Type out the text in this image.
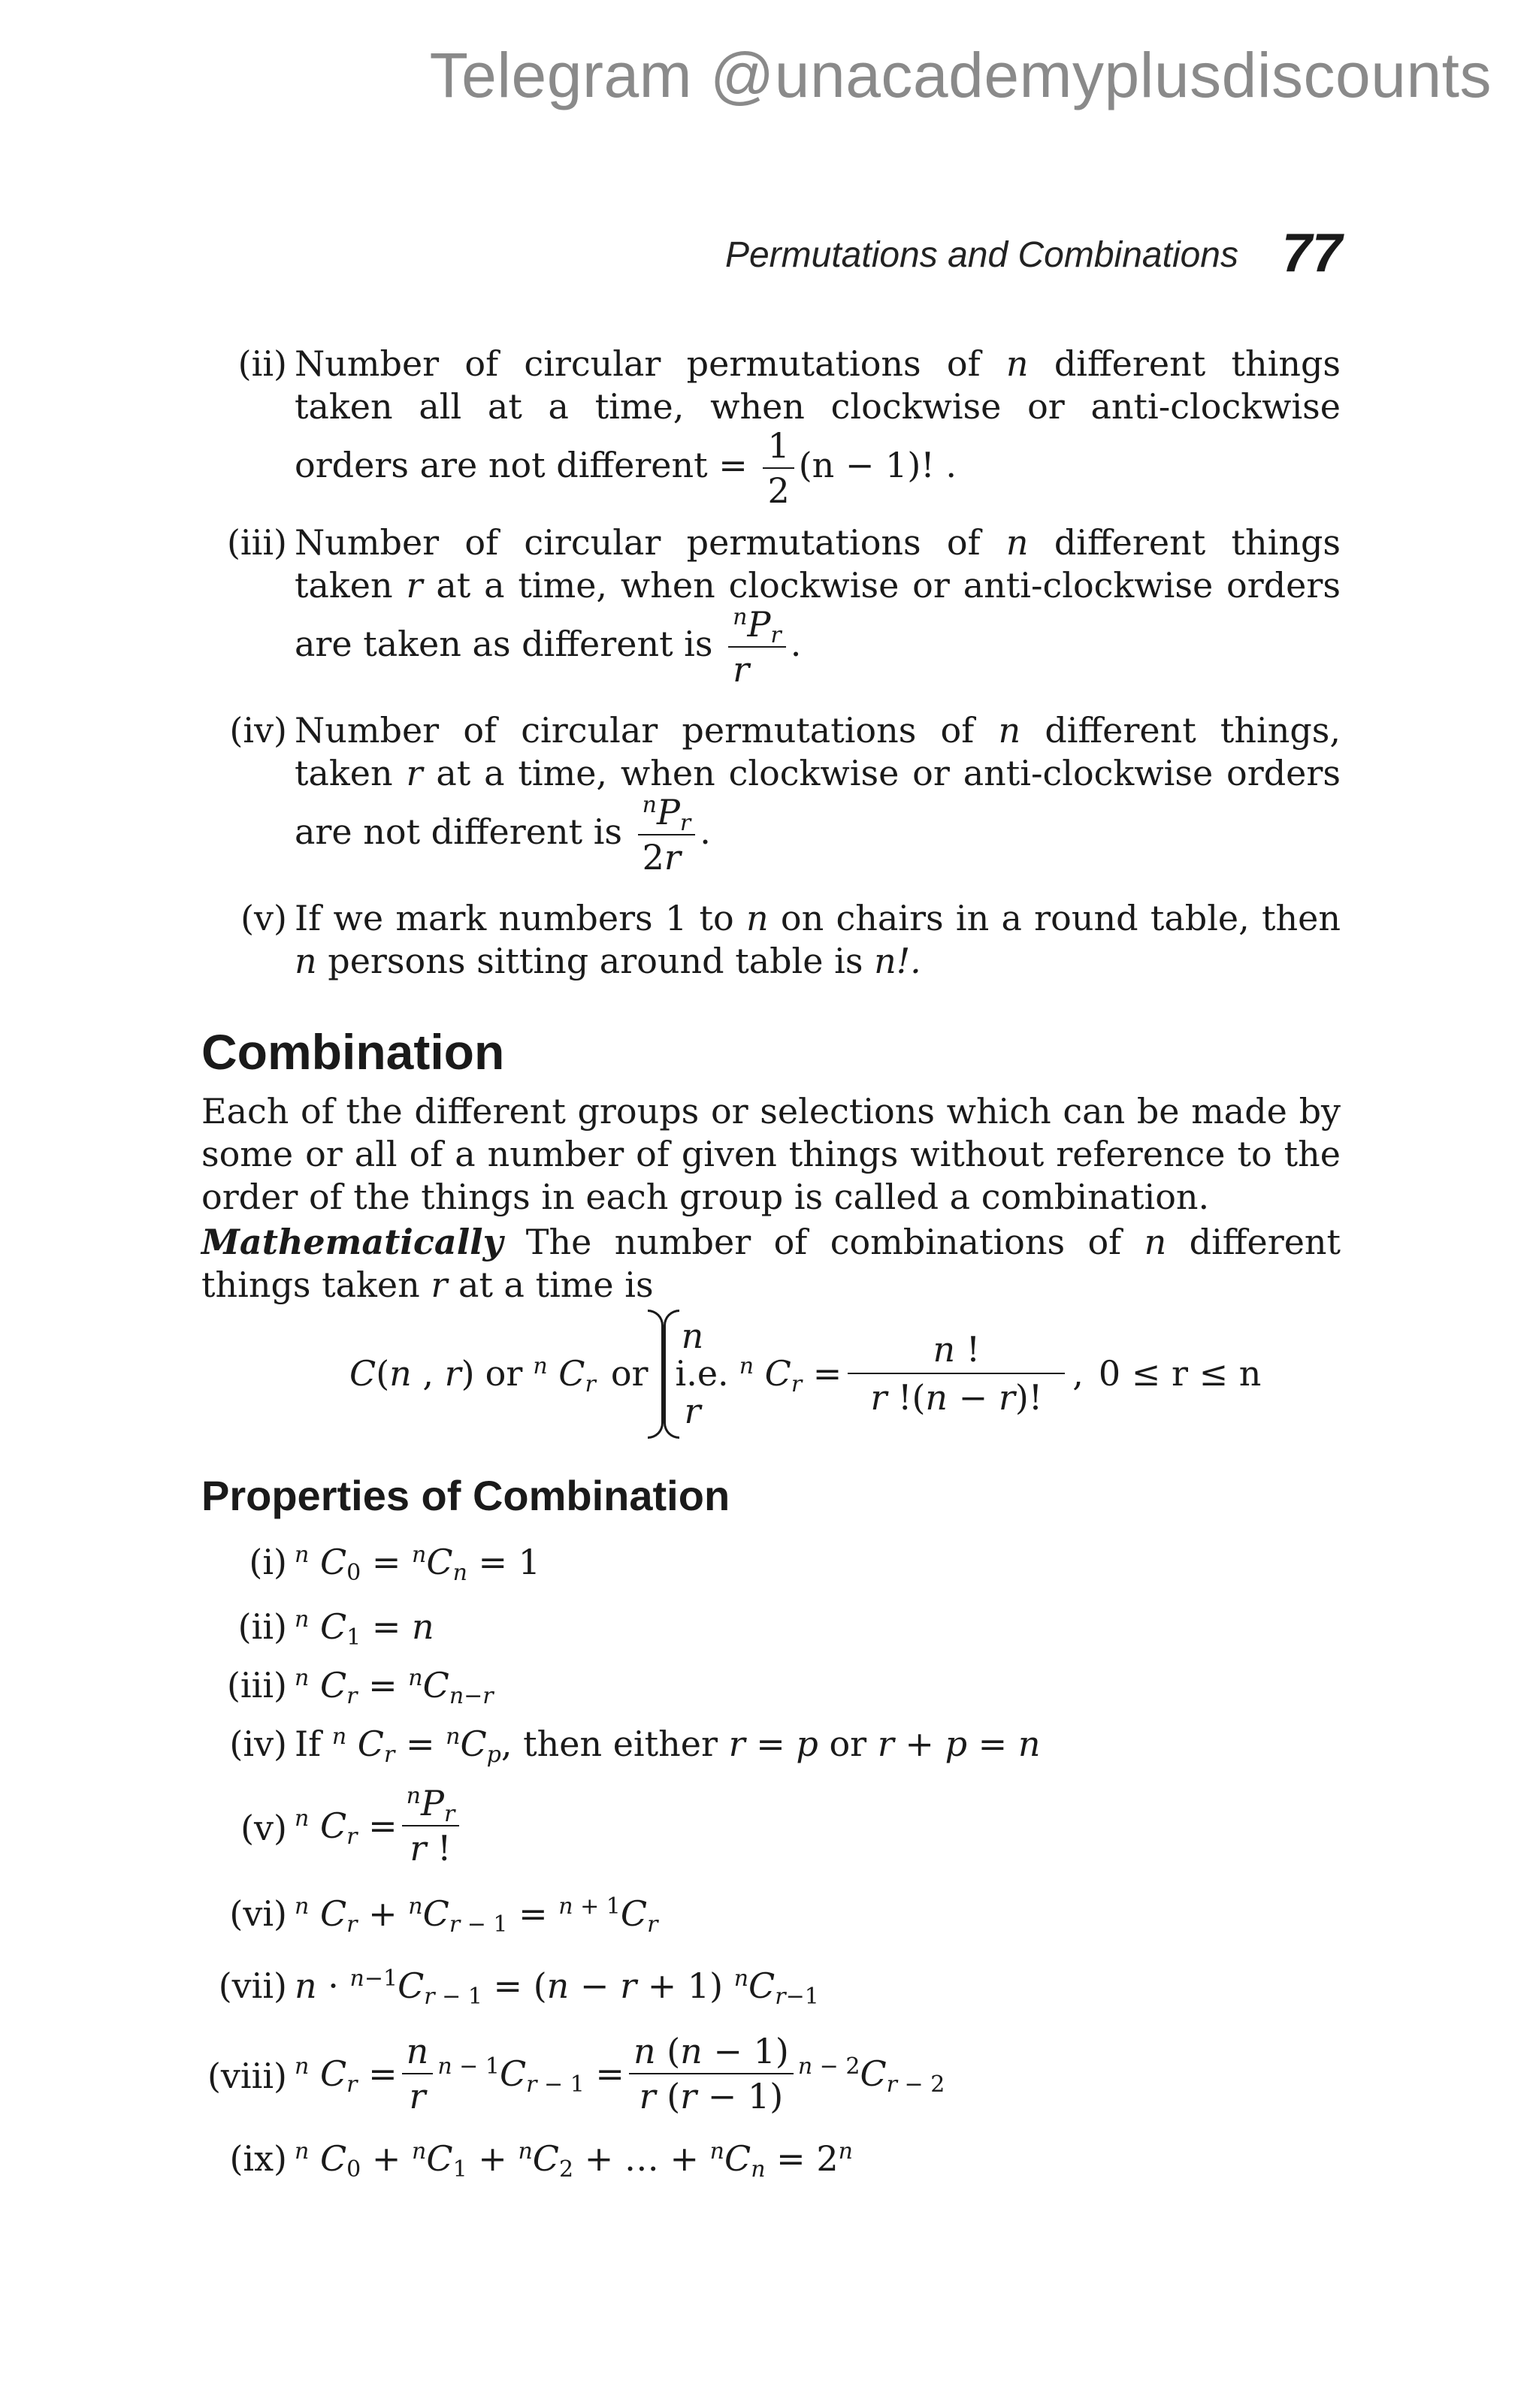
Telegram @unacademyplusdiscounts
Permutations and Combinations 77
(ii) Number of circular permutations of n different things taken all at a time, when clockwise or anti-clockwise orders are not different = $\frac{1}{2} (n - 1)$! .
(iii) Number of circular permutations of n different things taken r at a time, when clockwise or anti-clockwise orders are taken as different is $\frac{^nP_r}{r}$ .
(iv) Number of circular permutations of n different things, taken r at a time, when clockwise or anti-clockwise orders are not different is $\frac{^nP_r}{2r}$ .
(v) If we mark numbers 1 to n on chairs in a round table, then n persons sitting around table is n!.
Combination
Each of the different groups or selections which can be made by some or all of a number of given things without reference to the order of the things in each group is called a combination.
Mathematically The number of combinations of n different things taken r at a time is
C(n , r) or $^n$ $C_r$ or
n
r
i.e. $^n$ $C_r = \frac{n !}{r !(n - r)!}$ , 0 ≤ r ≤ n
Properties of Combination
(i) $^n$ $C_0 = ^nC_n = 1$
(ii) $^n$ $C_1 = n$
(iii) $^n$ $C_r = ^nC_{n-r}$
(iv) If $^n$ $C_r = ^nC_p$, then either r = p or r + p = n
(v) $^n$ $C_r = \frac{^nP_r}{r !}$
(vi) $^n$ $C_r + ^nC_{r - 1} = ^{n + 1}C_r$
(vii) $n \cdot ^{n-1}C_{r - 1} = (n - r + 1)$ $^nC_{r-1}$
(viii) $^n$ $C_r = \frac{n}{r} ^{n - 1}C_{r - 1} = \frac{n (n - 1)}{r (r - 1)} ^{n - 2}C_{r - 2}$
(ix) $^n$ $C_0 + ^nC_1 + ^nC_2$ + … + $^nC_n = 2^n$
